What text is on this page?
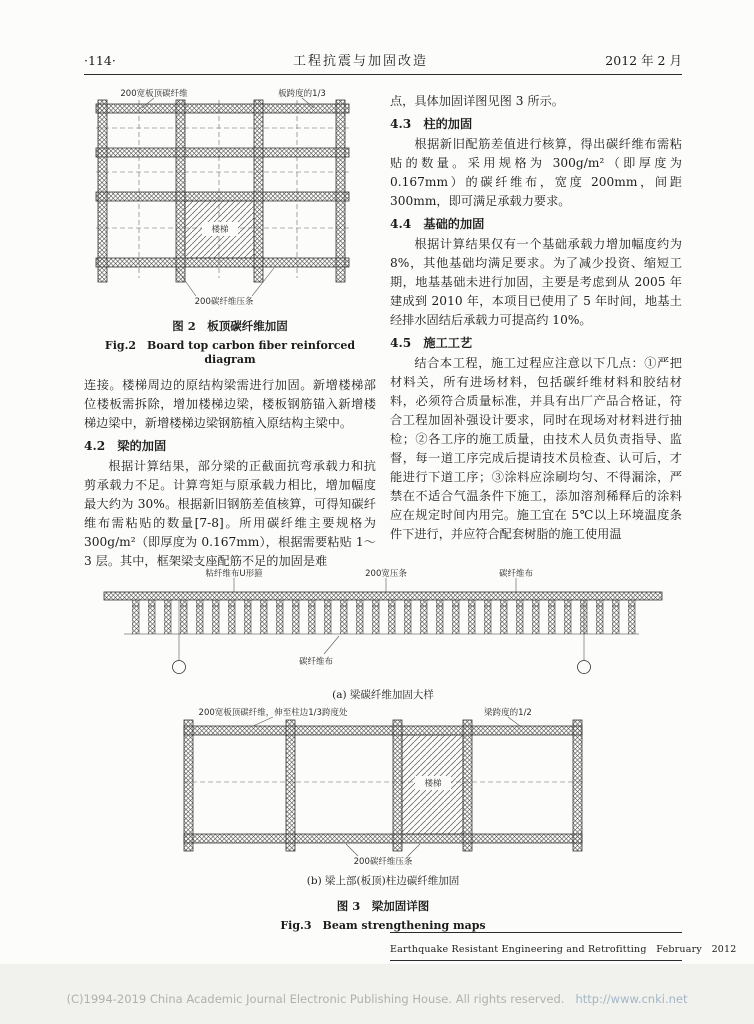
·114·	工程抗震与加固改造	2012 年 2 月
200宽板顶碳纤维	板跨度的1/3
楼梯
200碳纤维压条
图 2　板顶碳纤维加固
Fig.2　Board top carbon fiber reinforced diagram

连接。楼梯周边的原结构梁需进行加固。新增楼梯部位楼板需拆除，增加楼梯边梁，楼板钢筋锚入新增楼梯边梁中，新增楼梯边梁钢筋植入原结构主梁中。

4.2　梁的加固

根据计算结果，部分梁的正截面抗弯承载力和抗剪承载力不足。计算弯矩与原承载力相比，增加幅度最大约为 30%。根据新旧钢筋差值核算，可得知碳纤维布需粘贴的数量[7-8]。所用碳纤维主要规格为 300g/m²（即厚度为 0.167mm），根据需要粘贴 1～3 层。其中，框架梁支座配筋不足的加固是难

点，具体加固详图见图 3 所示。

4.3　柱的加固

根据新旧配筋差值进行核算，得出碳纤维布需粘贴的数量。采用规格为 300g/m²（即厚度为 0.167mm）的碳纤维布，宽度 200mm，间距 300mm，即可满足承载力要求。

4.4　基础的加固

根据计算结果仅有一个基础承载力增加幅度约为 8%，其他基础均满足要求。为了减少投资、缩短工期，地基基础未进行加固，主要是考虑到从 2005 年建成到 2010 年，本项目已使用了 5 年时间，地基土经排水固结后承载力可提高约 10%。

4.5　施工工艺

结合本工程，施工过程应注意以下几点：①严把材料关，所有进场材料，包括碳纤维材料和胶结材料，必须符合质量标准，并具有出厂产品合格证，符合工程加固补强设计要求，同时在现场对材料进行抽检；②各工序的施工质量，由技术人员负责指导、监督，每一道工序完成后提请技术员检查、认可后，才能进行下道工序；③涂料应涂刷均匀、不得漏涂，严禁在不适合气温条件下施工，添加溶剂稀释后的涂料应在规定时间内用完。施工宜在 5℃以上环境温度条件下进行，并应符合配套树脂的施工使用温

粘纤维布U形箍	200宽压条	碳纤维布
碳纤维布
(a) 梁碳纤维加固大样
200宽板顶碳纤维，伸至柱边1/3跨度处	梁跨度的1/2
楼梯
200碳纤维压条
(b) 梁上部(板顶)柱边碳纤维加固
图 3　梁加固详图
Fig.3　Beam strengthening maps
Earthquake Resistant Engineering and Retrofitting   February   2012
(C)1994-2019 China Academic Journal Electronic Publishing House. All rights reserved.   http://www.cnki.net
